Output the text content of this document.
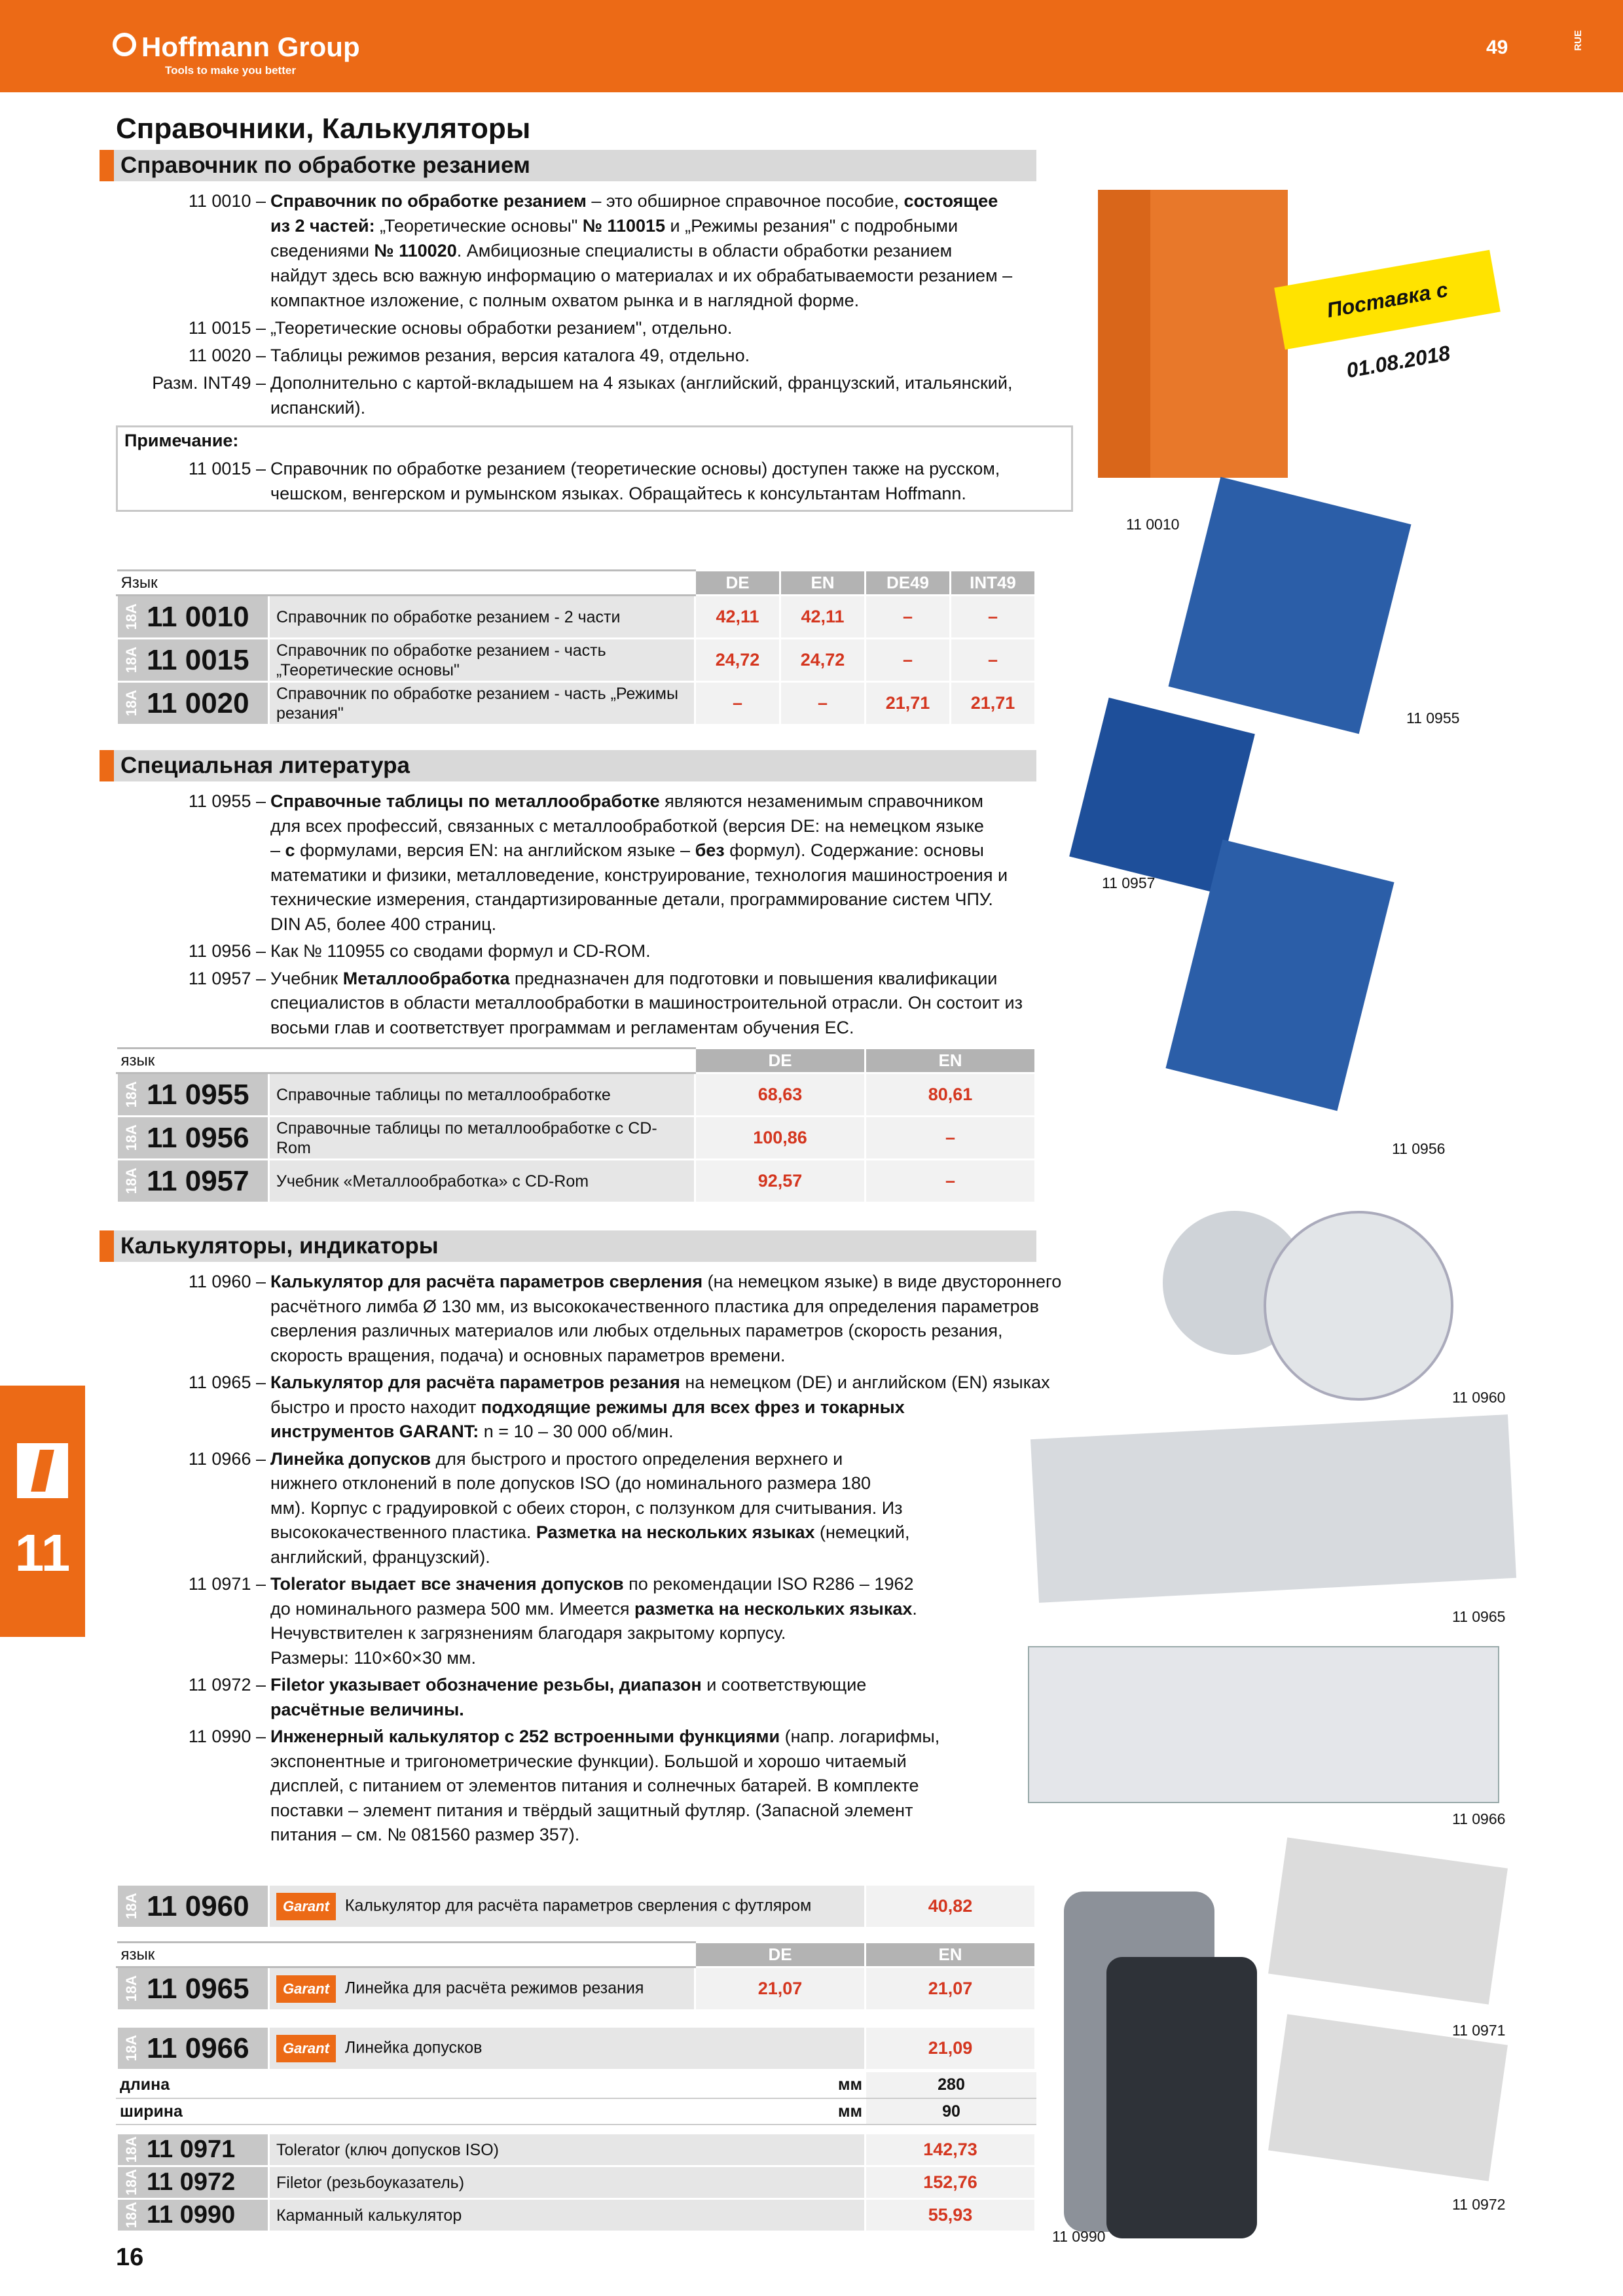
Hoffmann Group
Tools to make you better
49	RUE
Справочники, Калькуляторы
Справочник по обработке резанием
11 0010 – Справочник по обработке резанием – это обширное справочное пособие, состоящее
из 2 частей: „Теоретические основы" № 110015 и „Режимы резания" с подробными
сведениями № 110020. Амбициозные специалисты в области обработки резанием
найдут здесь всю важную информацию о материалах и их обрабатываемости резанием –
компактное изложение, с полным охватом рынка и в наглядной форме.
11 0015 – „Теоретические основы обработки резанием", отдельно.
11 0020 – Таблицы режимов резания, версия каталога 49, отдельно.
Разм. INT49 – Дополнительно с картой-вкладышем на 4 языках (английский, французский, итальянский,
испанский).
Примечание:
11 0015 – Справочник по обработке резанием (теоретические основы) доступен также на русском,
чешском, венгерском и румынском языках. Обращайтесь к консультантам Hoffmann.
Язык		DE	EN	DE49	INT49
18A 11 0010	Справочник по обработке резанием - 2 части	42,11	42,11	–	–
18A 11 0015	Справочник по обработке резанием - часть „Теоретические основы"	24,72	24,72	–	–
18A 11 0020	Справочник по обработке резанием - часть „Режимы резания"	–	–	21,71	21,71
Специальная литература
11 0955 – Справочные таблицы по металлообработке являются незаменимым справочником
для всех профессий, связанных с металлообработкой (версия DE: на немецком языке
– с формулами, версия EN: на английском языке – без формул). Содержание: основы
математики и физики, металловедение, конструирование, технология машиностроения и
технические измерения, стандартизированные детали, программирование систем ЧПУ.
DIN A5, более 400 страниц.
11 0956 – Как № 110955 со сводами формул и CD-ROM.
11 0957 – Учебник Металлообработка предназначен для подготовки и повышения квалификации
специалистов в области металлообработки в машиностроительной отрасли. Он состоит из
восьми глав и соответствует программам и регламентам обучения ЕС.
язык		DE	EN
18A 11 0955	Справочные таблицы по металлообработке	68,63	80,61
18A 11 0956	Справочные таблицы по металлообработке с CD-Rom	100,86	–
18A 11 0957	Учебник «Металлообработка» с CD-Rom	92,57	–
Калькуляторы, индикаторы
11 0960 – Калькулятор для расчёта параметров сверления (на немецком языке) в виде двустороннего
расчётного лимба Ø 130 мм, из высококачественного пластика для определения параметров
сверления различных материалов или любых отдельных параметров (скорость резания,
скорость вращения, подача) и основных параметров времени.
11 0965 – Калькулятор для расчёта параметров резания на немецком (DE) и английском (EN) языках
быстро и просто находит подходящие режимы для всех фрез и токарных
инструментов GARANT: n = 10 – 30 000 об/мин.
11 0966 – Линейка допусков для быстрого и простого определения верхнего и
нижнего отклонений в поле допусков ISO (до номинального размера 180
мм). Корпус с градуировкой с обеих сторон, с ползунком для считывания. Из
высококачественного пластика. Разметка на нескольких языках (немецкий,
английский, французский).
11 0971 – Tolerator выдает все значения допусков по рекомендации ISO R286 – 1962
до номинального размера 500 мм. Имеется разметка на нескольких языках.
Нечувствителен к загрязнениям благодаря закрытому корпусу.
Размеры: 110×60×30 мм.
11 0972 – Filetor указывает обозначение резьбы, диапазон и соответствующие
расчётные величины.
11 0990 – Инженерный калькулятор с 252 встроенными функциями (напр. логарифмы,
экспонентные и тригонометрические функции). Большой и хорошо читаемый
дисплей, с питанием от элементов питания и солнечных батарей. В комплекте
поставки – элемент питания и твёрдый защитный футляр. (Запасной элемент
питания – см. № 081560 размер 357).
18A 11 0960	Garant Калькулятор для расчёта параметров сверления с футляром	40,82
язык		DE	EN
18A 11 0965	Garant Линейка для расчёта режимов резания	21,07	21,07
18A 11 0966	Garant Линейка допусков	21,09
длина	мм	280
ширина	мм	90
18A 11 0971	Tolerator (ключ допусков ISO)	142,73
18A 11 0972	Filetor (резьбоуказатель)	152,76
18A 11 0990	Карманный калькулятор	55,93
Поставка с 01.08.2018
11 0010
11 0955
11 0957
11 0956
11 0960
11 0965
11 0966
11 0971
11 0972
11 0990
11
16
